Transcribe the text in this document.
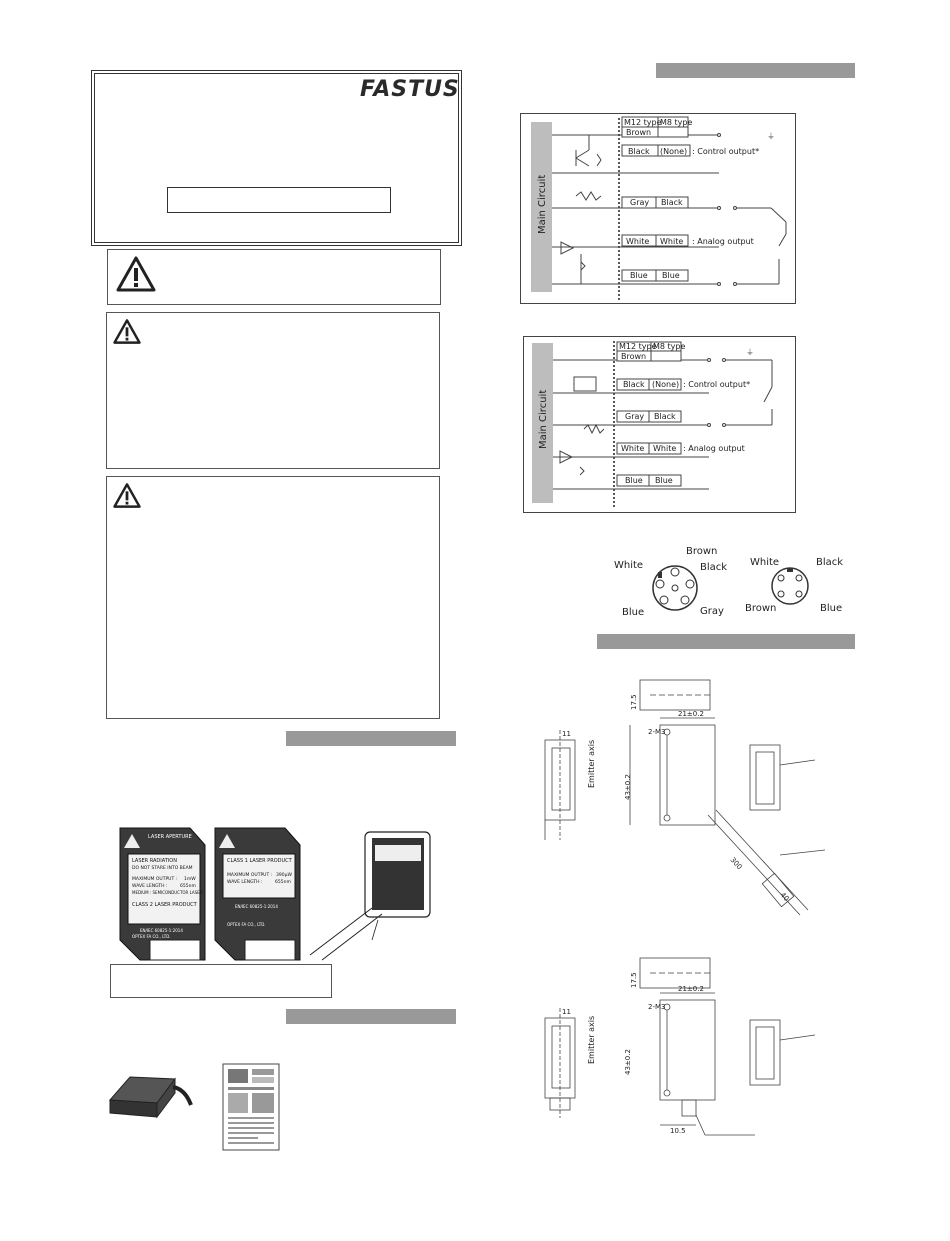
FASTUS
LASER APERTURE
LASER RADIATION
DO NOT STARE INTO BEAM
MAXIMUM OUTPUT : 1mW
WAVE LENGTH :	655nm
MEDIUM : SEMICONDUCTOR LASER
CLASS 2 LASER PRODUCT
EN/IEC 60825-1:2014
OPTEX FA CO., LTD.
CLASS 1 LASER PRODUCT
MAXIMUM OUTPUT : 390μW
WAVE LENGTH :	655nm
EN/IEC 60825-1:2014
OPTEX FA CO., LTD.
Main Circuit
⏚
M12 type
M8 type
Brown
Black (None) : Control output*
Gray Black
White White : Analog output
Blue Blue
Main Circuit
⏚
M12 type
M8 type
Brown
Black (None) : Control output*
Gray Black
White White : Analog output
Blue Blue
Brown
White	Black
Blue	Gray
White	Black
Brown	Blue
21±0.2
2-M3
11
17.5
43±0.2
Emitter axis
300
40
21±0.2
2-M3
11
17.5
43±0.2
Emitter axis
10.5
